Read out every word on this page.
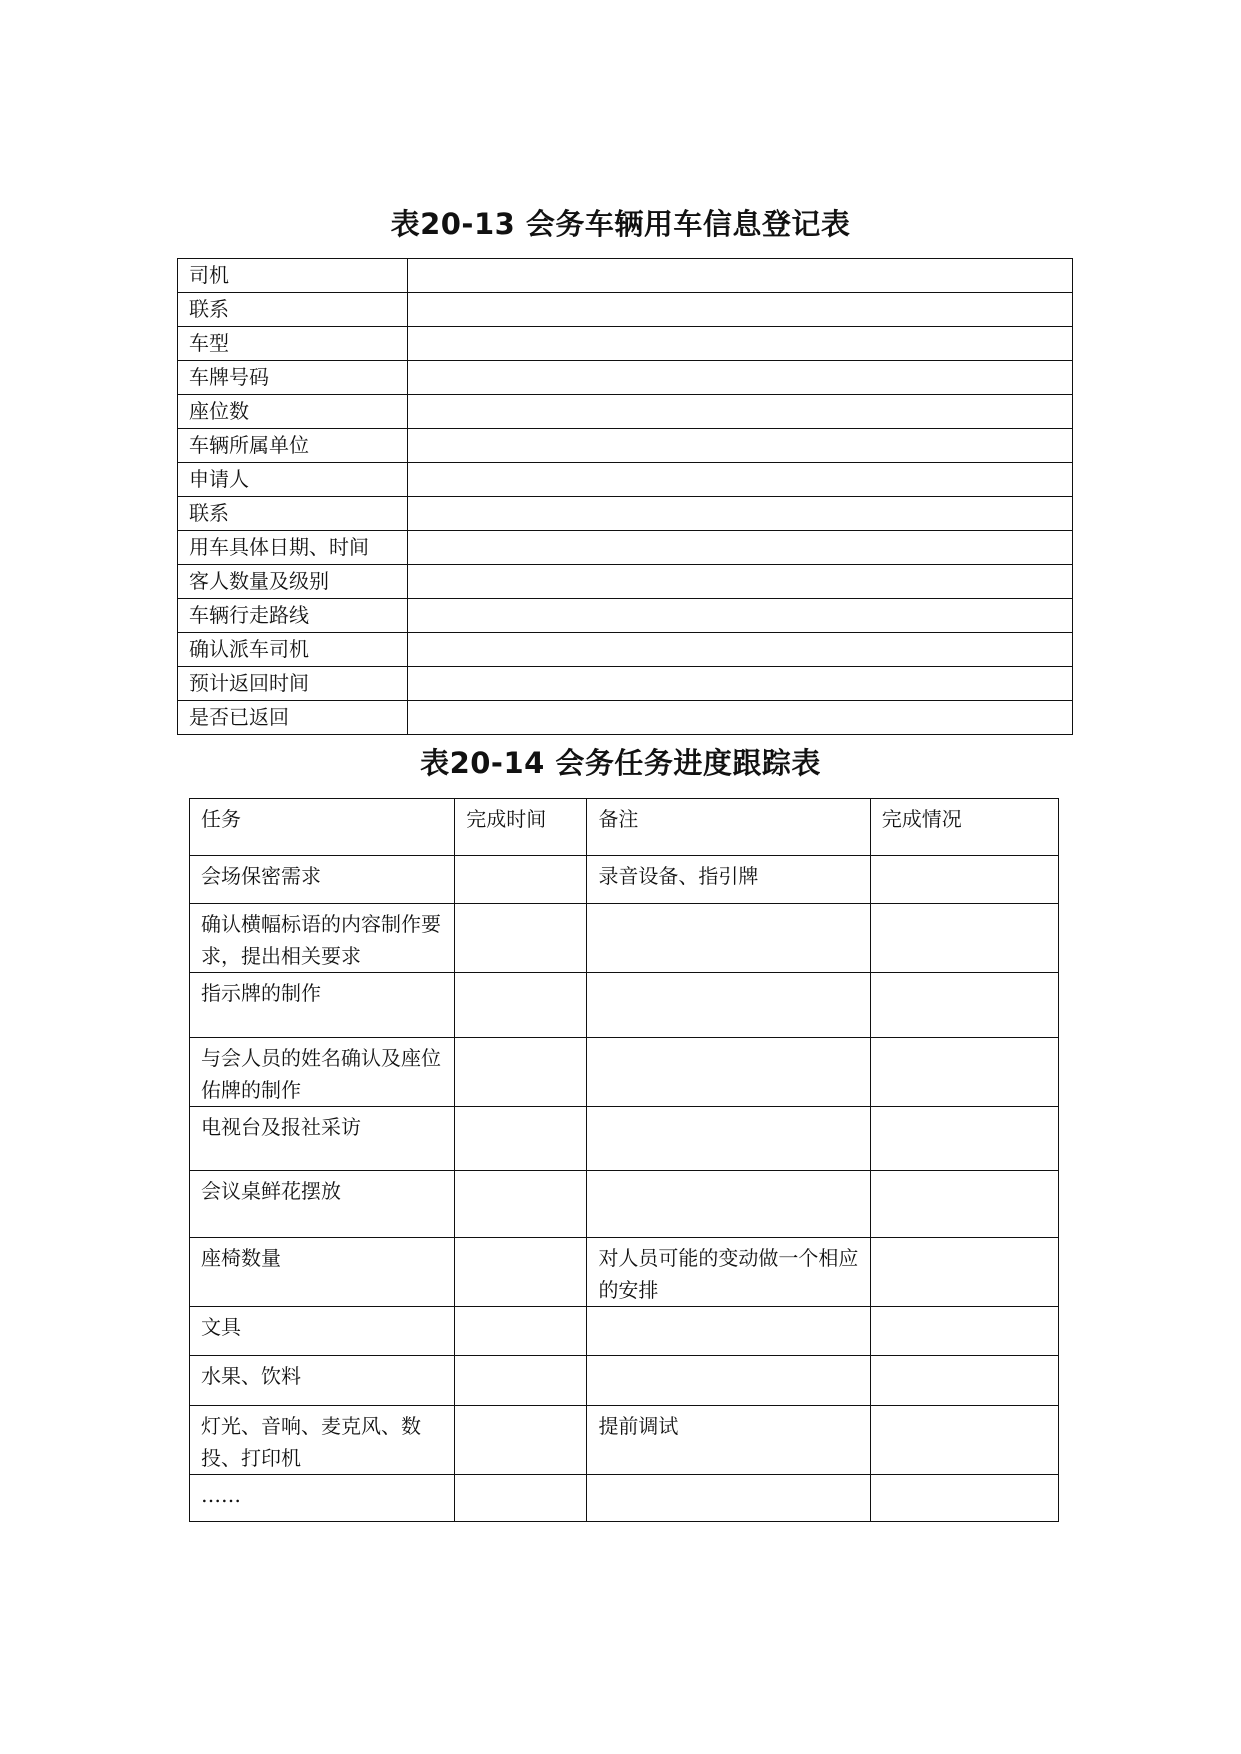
表20-13 会务车辆用车信息登记表
司机	
联系	
车型	
车牌号码	
座位数	
车辆所属单位	
申请人	
联系	
用车具体日期、时间	
客人数量及级别	
车辆行走路线	
确认派车司机	
预计返回时间	
是否已返回	
表20-14 会务任务进度跟踪表
任务	完成时间	备注	完成情况
会场保密需求		录音设备、指引牌	
确认横幅标语的内容制作要求，提出相关要求			
指示牌的制作			
与会人员的姓名确认及座位佑牌的制作			
电视台及报社采访			
会议桌鲜花摆放			
座椅数量		对人员可能的变动做一个相应的安排	
文具			
水果、饮料			
灯光、音响、麦克风、数投、打印机		提前调试	
……			
